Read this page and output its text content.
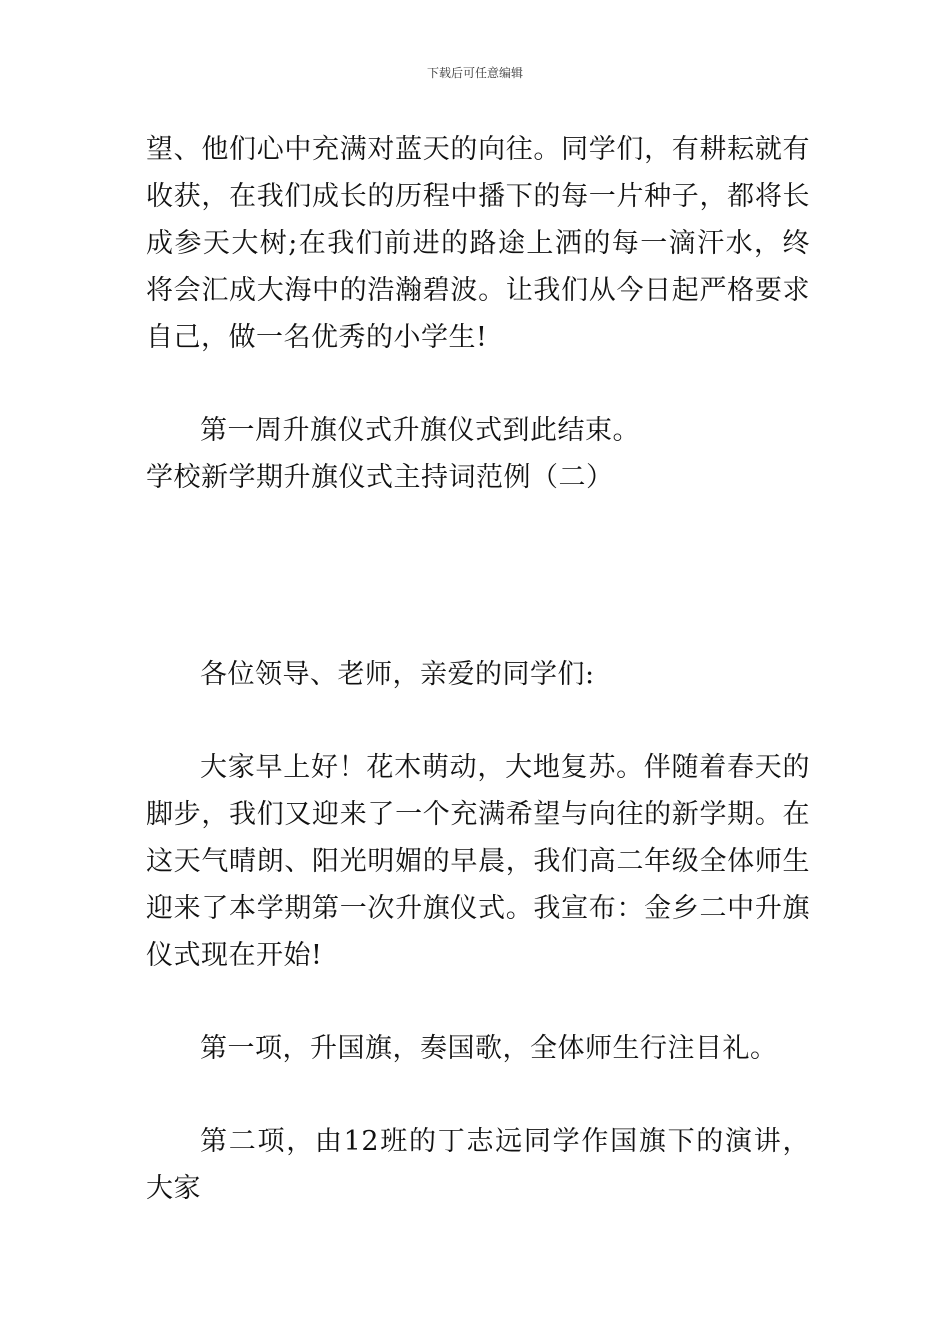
下载后可任意编辑

望、他们心中充满对蓝天的向往。同学们，有耕耘就有收获，在我们成长的历程中播下的每一片种子，都将长成参天大树;在我们前进的路途上洒的每一滴汗水，终将会汇成大海中的浩瀚碧波。让我们从今日起严格要求自己，做一名优秀的小学生!

第一周升旗仪式升旗仪式到此结束。

学校新学期升旗仪式主持词范例（二）

各位领导、老师，亲爱的同学们:

大家早上好！花木萌动，大地复苏。伴随着春天的脚步，我们又迎来了一个充满希望与向往的新学期。在这天气晴朗、阳光明媚的早晨，我们高二年级全体师生迎来了本学期第一次升旗仪式。我宣布：金乡二中升旗仪式现在开始!

第一项，升国旗，奏国歌，全体师生行注目礼。

第二项，由12班的丁志远同学作国旗下的演讲，大家
